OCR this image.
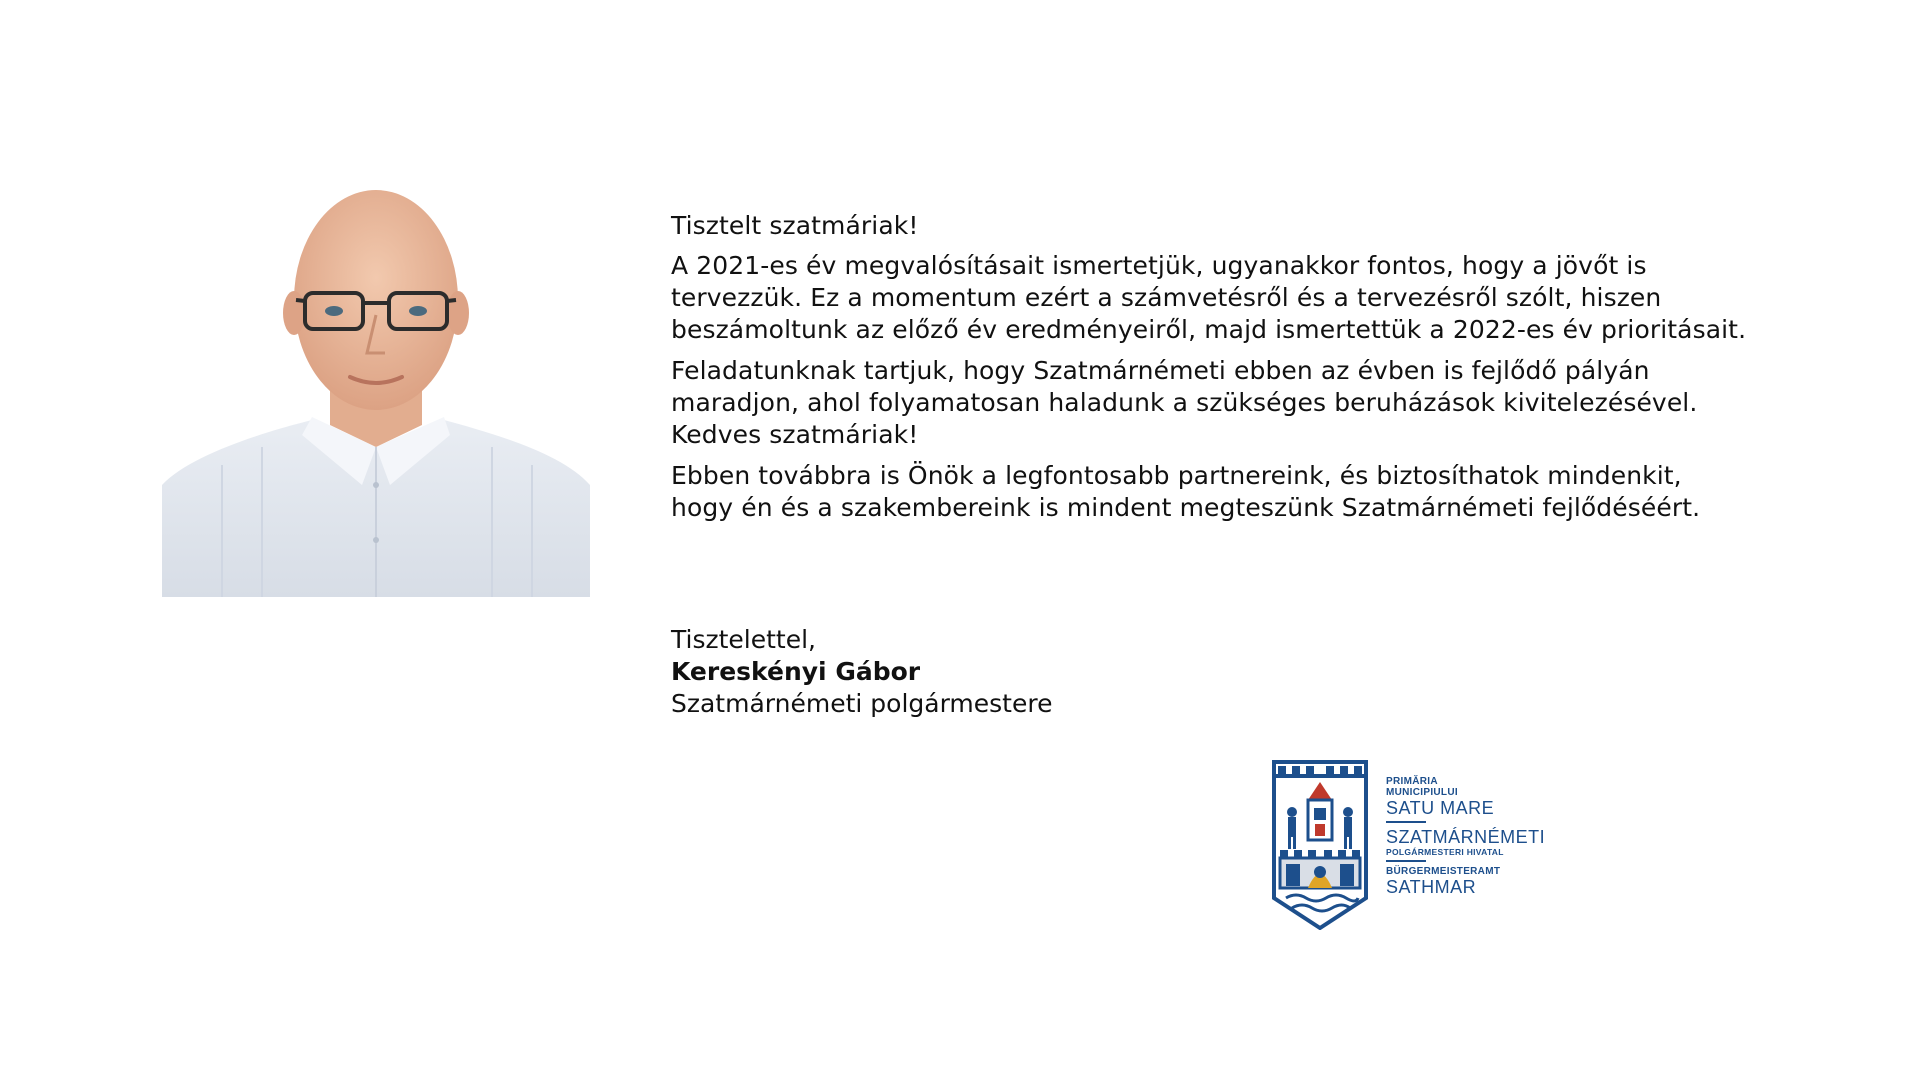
Tisztelt szatmáriak!

A 2021-es év megvalósításait ismertetjük, ugyanakkor fontos, hogy a jövőt is tervezzük. Ez a momentum ezért a számvetésről és a tervezésről szólt, hiszen beszámoltunk az előző év eredményeiről, majd ismertettük a 2022-es év prioritásait.

Feladatunknak tartjuk, hogy Szatmárnémeti ebben az évben is fejlődő pályán maradjon, ahol folyamatosan haladunk a szükséges beruházások kivitelezésével. Kedves szatmáriak!

Ebben továbbra is Önök a legfontosabb partnereink, és biztosíthatok mindenkit, hogy én és a szakembereink is mindent megteszünk Szatmárnémeti fejlődéséért.

Tisztelettel,
Kereskényi Gábor
Szatmárnémeti polgármestere
PRIMĂRIA
MUNICIPIULUI
SATU MARE
SZATMÁRNÉMETI
POLGÁRMESTERI HIVATAL
BÜRGERMEISTERAMT
SATHMAR
